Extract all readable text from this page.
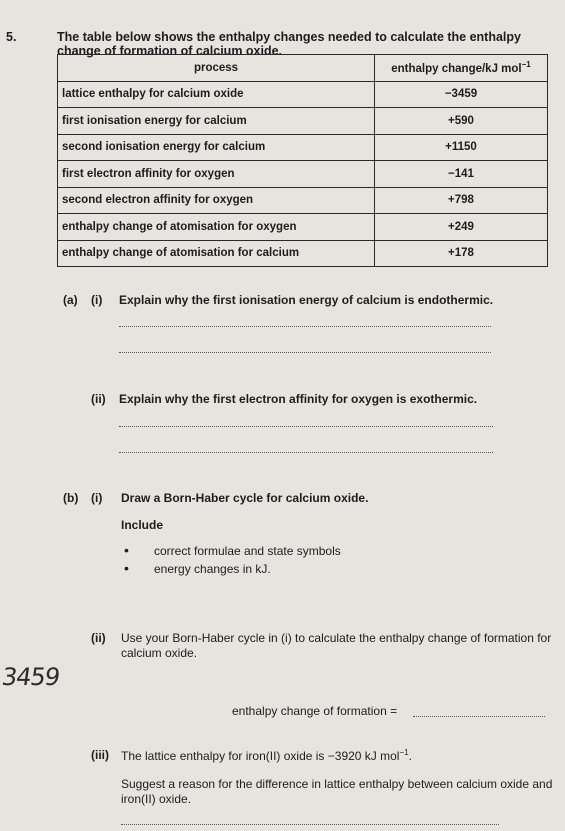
5.	The table below shows the enthalpy changes needed to calculate the enthalpy change of formation of calcium oxide.
process	enthalpy change/kJ mol$^{-1}$
lattice enthalpy for calcium oxide	−3459
first ionisation energy for calcium	+590
second ionisation energy for calcium	+1150
first electron affinity for oxygen	−141
second electron affinity for oxygen	+798
enthalpy change of atomisation for oxygen	+249
enthalpy change of atomisation for calcium	+178
(a) (i) Explain why the first ionisation energy of calcium is endothermic.
(ii) Explain why the first electron affinity for oxygen is exothermic.
(b) (i) Draw a Born-Haber cycle for calcium oxide.
Include
• correct formulae and state symbols
• energy changes in kJ.
(ii) Use your Born-Haber cycle in (i) to calculate the enthalpy change of formation for
calcium oxide.
3459
enthalpy change of formation =
(iii) The lattice enthalpy for iron(II) oxide is −3920 kJ mol$^{-1}$.
Suggest a reason for the difference in lattice enthalpy between calcium oxide and
iron(II) oxide.
